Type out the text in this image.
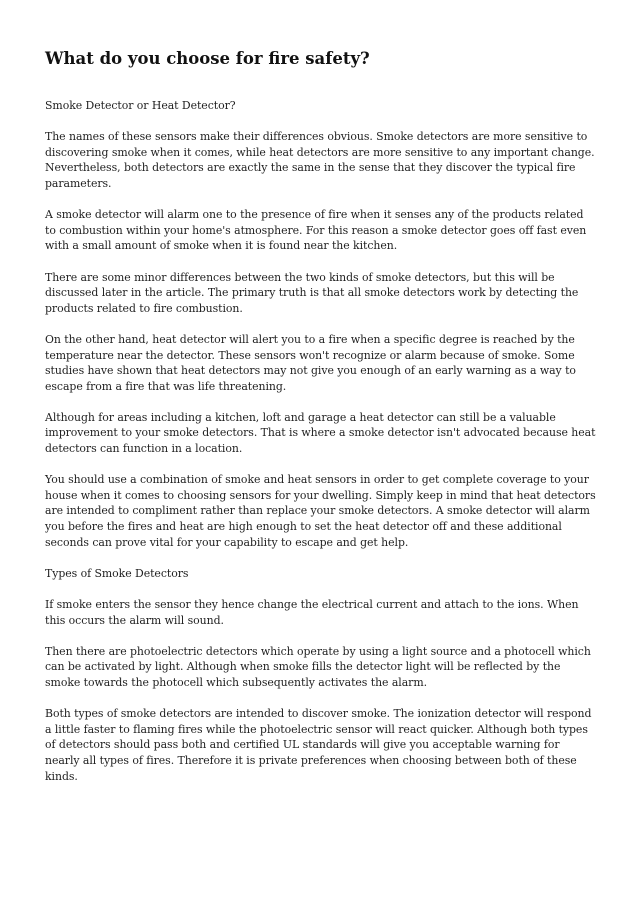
What do you choose for fire safety?

Smoke Detector or Heat Detector?

The names of these sensors make their differences obvious. Smoke detectors are more sensitive to discovering smoke when it comes, while heat detectors are more sensitive to any important change. Nevertheless, both detectors are exactly the same in the sense that they discover the typical fire parameters.

A smoke detector will alarm one to the presence of fire when it senses any of the products related to combustion within your home's atmosphere. For this reason a smoke detector goes off fast even with a small amount of smoke when it is found near the kitchen.

There are some minor differences between the two kinds of smoke detectors, but this will be discussed later in the article. The primary truth is that all smoke detectors work by detecting the products related to fire combustion.

On the other hand, heat detector will alert you to a fire when a specific degree is reached by the temperature near the detector. These sensors won't recognize or alarm because of smoke. Some studies have shown that heat detectors may not give you enough of an early warning as a way to escape from a fire that was life threatening.

Although for areas including a kitchen, loft and garage a heat detector can still be a valuable improvement to your smoke detectors. That is where a smoke detector isn't advocated because heat detectors can function in a location.

You should use a combination of smoke and heat sensors in order to get complete coverage to your house when it comes to choosing sensors for your dwelling. Simply keep in mind that heat detectors are intended to compliment rather than replace your smoke detectors. A smoke detector will alarm you before the fires and heat are high enough to set the heat detector off and these additional seconds can prove vital for your capability to escape and get help.

Types of Smoke Detectors

If smoke enters the sensor they hence change the electrical current and attach to the ions. When this occurs the alarm will sound.

Then there are photoelectric detectors which operate by using a light source and a photocell which can be activated by light. Although when smoke fills the detector light will be reflected by the smoke towards the photocell which subsequently activates the alarm.

Both types of smoke detectors are intended to discover smoke. The ionization detector will respond a little faster to flaming fires while the photoelectric sensor will react quicker. Although both types of detectors should pass both and certified UL standards will give you acceptable warning for nearly all types of fires. Therefore it is private preferences when choosing between both of these kinds.
